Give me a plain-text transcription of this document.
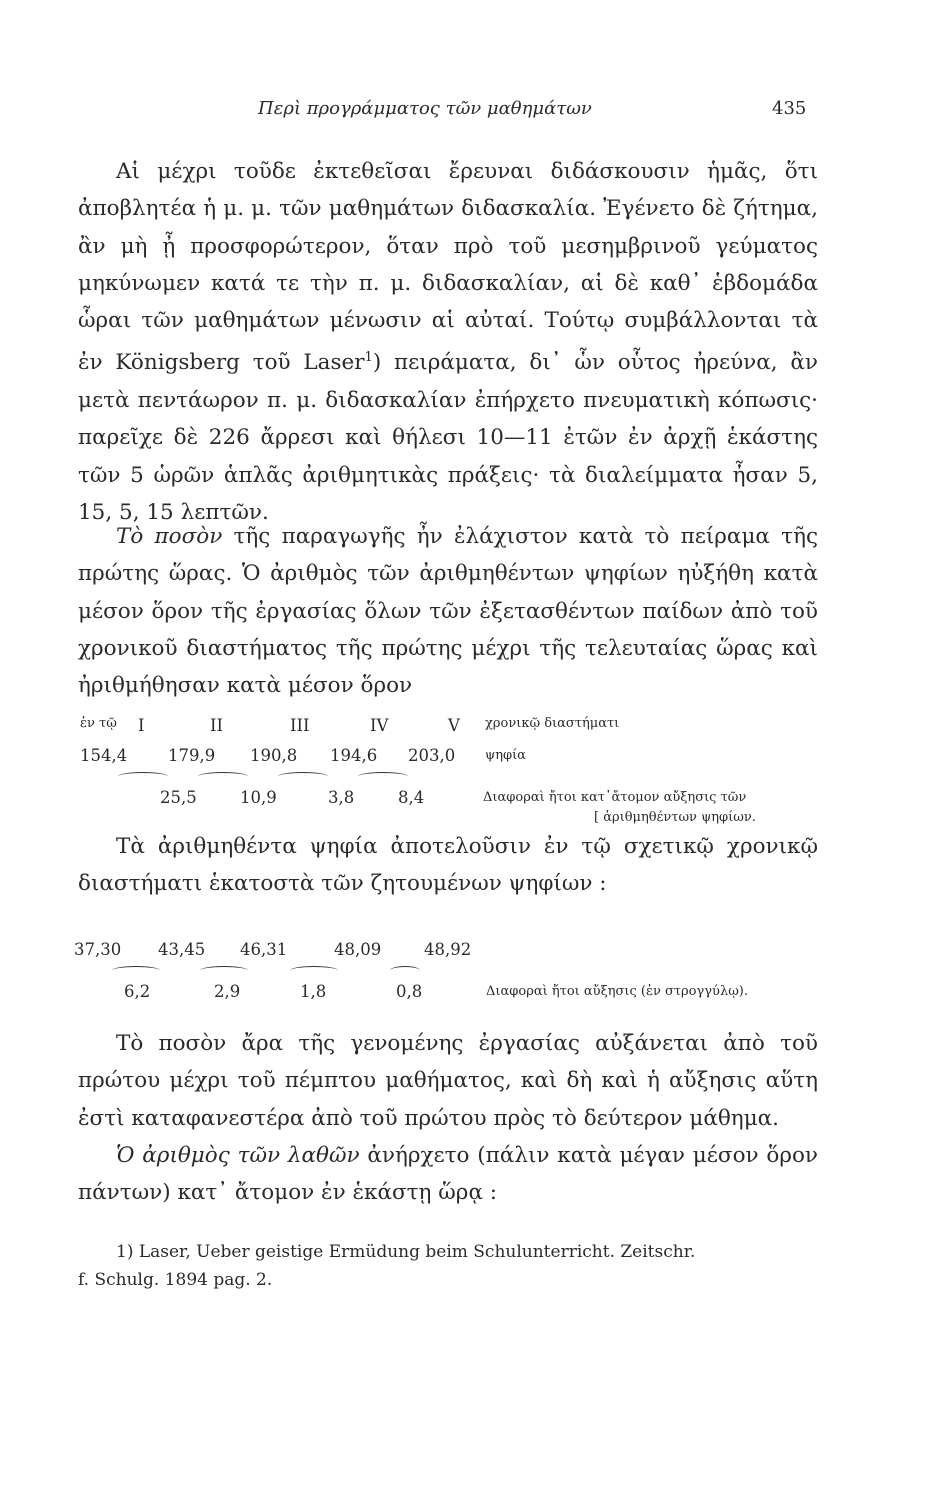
Περὶ προγράμματος τῶν μαθημάτων	435

Αἱ μέχρι τοῦδε ἐκτεθεῖσαι ἔρευναι διδάσκουσιν ἡμᾶς, ὅτι ἀποβλητέα ἡ μ. μ. τῶν μαθημάτων διδασκαλία. Ἐγένετο δὲ ζήτημα, ἂν μὴ ᾖ προσφορώτερον, ὅταν πρὸ τοῦ μεσημβρινοῦ γεύματος μηκύνωμεν κατά τε τὴν π. μ. διδασκαλίαν, αἱ δὲ καθ᾽ ἑβδομάδα ὧραι τῶν μαθημάτων μένωσιν αἱ αὐταί. Τούτῳ συμβάλλονται τὰ ἐν Königsberg τοῦ Laser$^1$) πειράματα, δι᾽ ὧν οὗτος ἠρεύνα, ἂν μετὰ πεντάωρον π. μ. διδασκαλίαν ἐπήρχετο πνευματικὴ κόπωσις· παρεῖχε δὲ 226 ἄρρεσι καὶ θήλεσι 10—11 ἐτῶν ἐν ἀρχῇ ἑκάστης τῶν 5 ὡρῶν ἁπλᾶς ἀριθμητικὰς πράξεις· τὰ διαλείμματα ἦσαν 5, 15, 5, 15 λεπτῶν.

Τὸ ποσὸν τῆς παραγωγῆς ἦν ἐλάχιστον κατὰ τὸ πείραμα τῆς πρώτης ὥρας. Ὁ ἀριθμὸς τῶν ἀριθμηθέντων ψηφίων ηὐξήθη κατὰ μέσον ὅρον τῆς ἐργασίας ὅλων τῶν ἐξετασθέντων παίδων ἀπὸ τοῦ χρονικοῦ διαστήματος τῆς πρώτης μέχρι τῆς τελευταίας ὥρας καὶ ἠριθμήθησαν κατὰ μέσον ὅρον

ἐν τῷ I	II	III	IV	V χρονικῷ διαστήματι
154,4 179,9 190,8 194,6 203,0 ψηφία
25,5	10,9	3,8	8,4	Διαφοραὶ ἤτοι κατ᾽ἄτομον αὔξησις τῶν
[ ἀριθμηθέντων ψηφίων.

Τὰ ἀριθμηθέντα ψηφία ἀποτελοῦσιν ἐν τῷ σχετικῷ χρονικῷ διαστήματι ἑκατοστὰ τῶν ζητουμένων ψηφίων :

37,30 43,45 46,31	48,09	48,92
6,2	2,9	1,8	0,8	Διαφοραὶ ἤτοι αὔξησις (ἐν στρογγύλῳ).

Τὸ ποσὸν ἄρα τῆς γενομένης ἐργασίας αὐξάνεται ἀπὸ τοῦ πρώτου μέχρι τοῦ πέμπτου μαθήματος, καὶ δὴ καὶ ἡ αὔξησις αὕτη ἐστὶ καταφανεστέρα ἀπὸ τοῦ πρώτου πρὸς τὸ δεύτερον μάθημα.

Ὁ ἀριθμὸς τῶν λαθῶν ἀνήρχετο (πάλιν κατὰ μέγαν μέσον ὅρον πάντων) κατ᾽ ἄτομον ἐν ἑκάστῃ ὥρᾳ :

1) Laser, Ueber geistige Ermüdung beim Schulunterricht. Zeitschr.

f. Schulg. 1894 pag. 2.
